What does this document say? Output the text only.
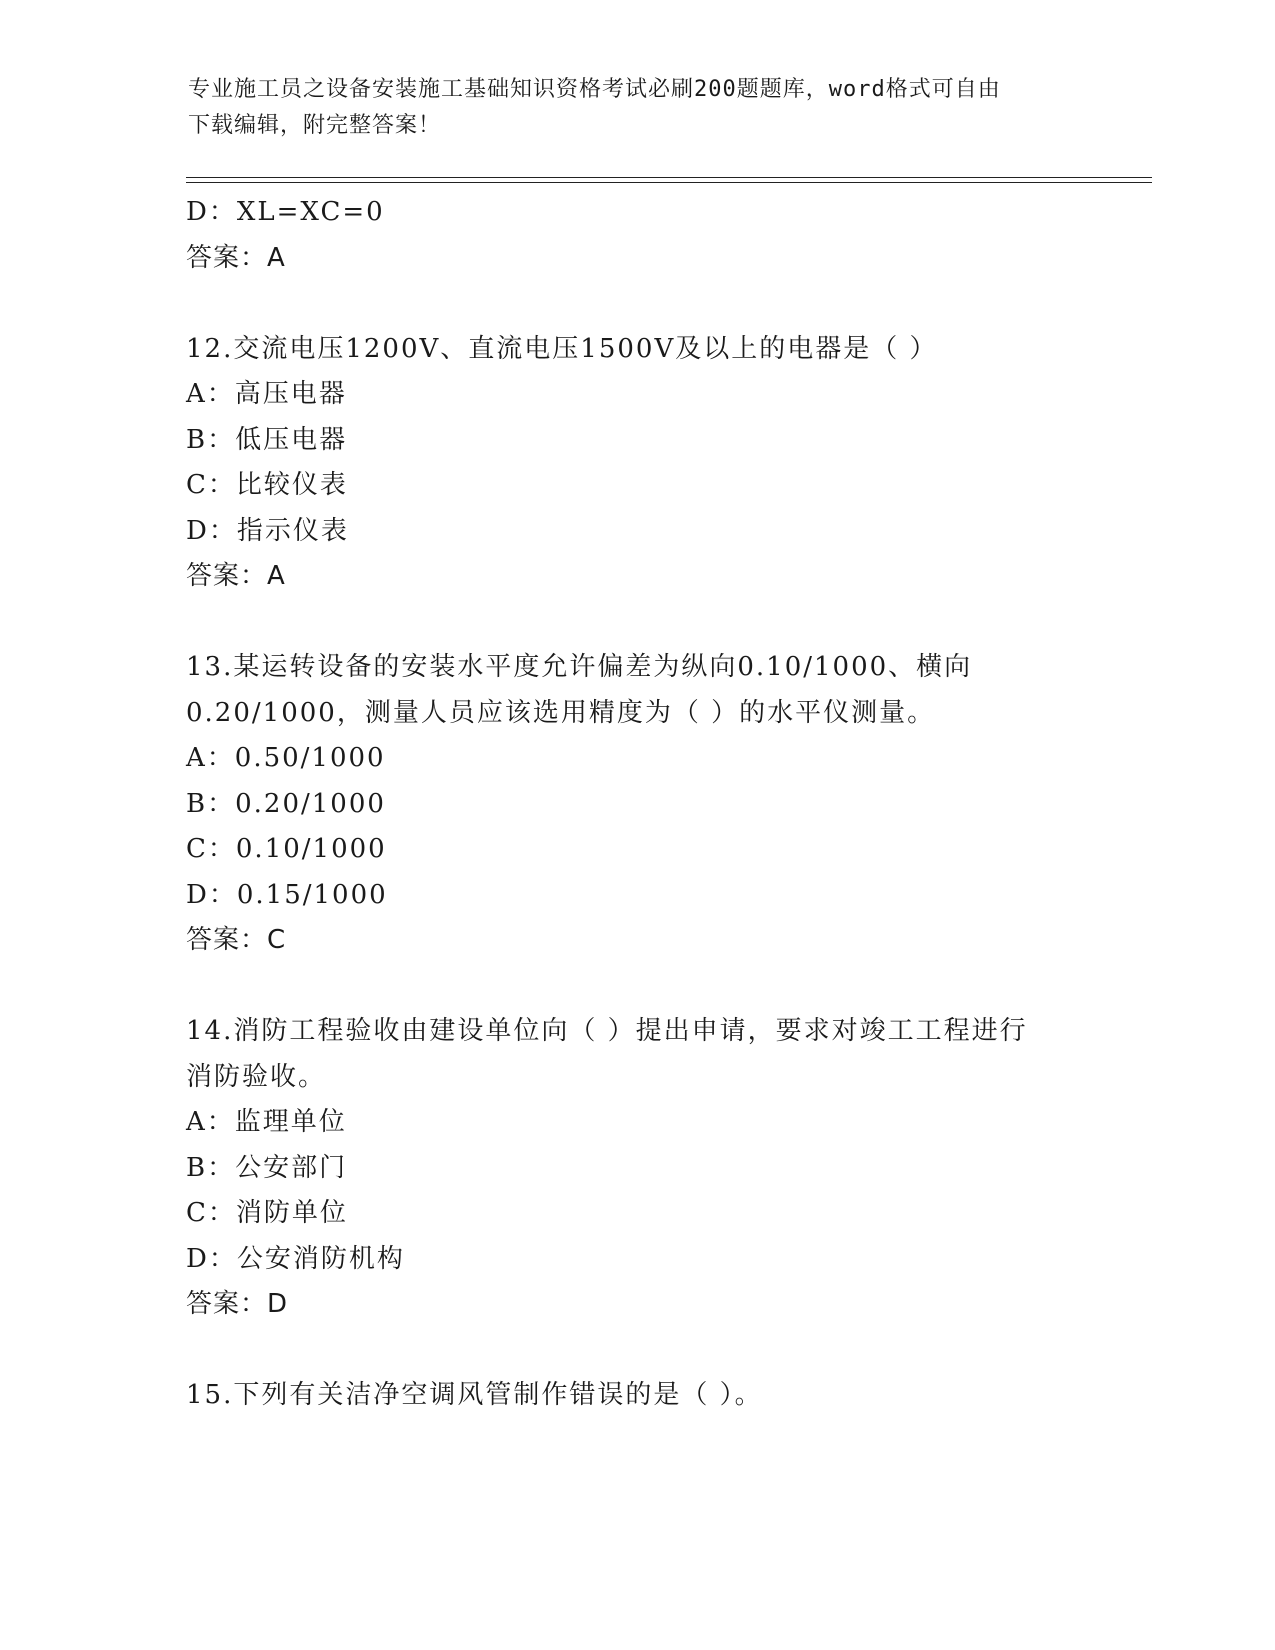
专业施工员之设备安装施工基础知识资格考试必刷200题题库，word格式可自由
下载编辑，附完整答案！
D：XL=XC=0
答案：A
12.交流电压1200V、直流电压1500V及以上的电器是（ ）
A：高压电器
B：低压电器
C：比较仪表
D：指示仪表
答案：A
13.某运转设备的安装水平度允许偏差为纵向0.10/1000、横向
0.20/1000，测量人员应该选用精度为（ ）的水平仪测量。
A：0.50/1000
B：0.20/1000
C：0.10/1000
D：0.15/1000
答案：C
14.消防工程验收由建设单位向（ ）提出申请，要求对竣工工程进行
消防验收。
A：监理单位
B：公安部门
C：消防单位
D：公安消防机构
答案：D
15.下列有关洁净空调风管制作错误的是（ ）。
